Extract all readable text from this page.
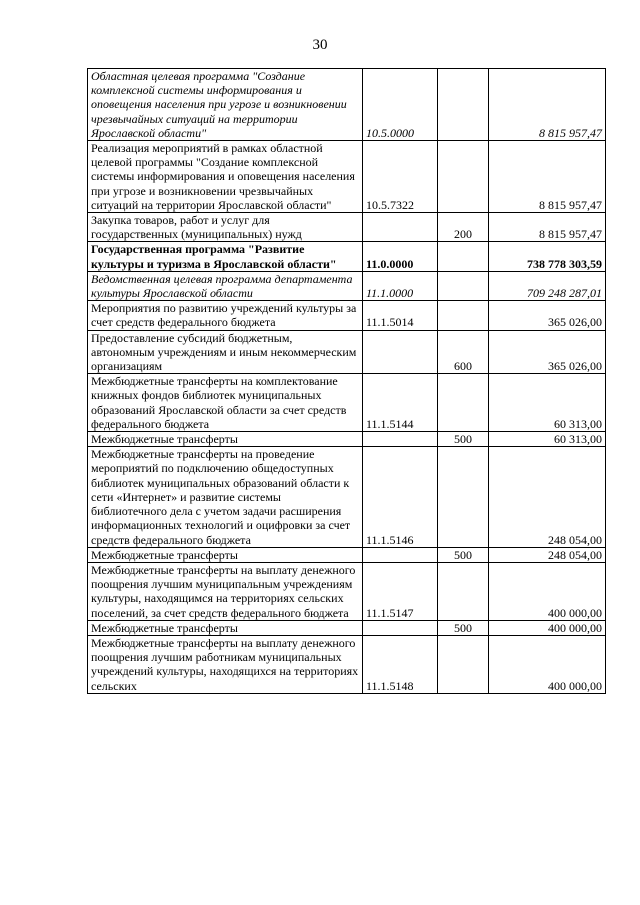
30
Областная целевая программа "Создание комплексной системы информирования и оповещения населения при угрозе и возникновении чрезвычайных ситуаций на территории Ярославской области"	10.5.0000		8 815 957,47
Реализация мероприятий в рамках областной целевой программы "Создание комплексной системы информирования и оповещения населения при угрозе и возникновении чрезвычайных ситуаций на территории Ярославской области"	10.5.7322		8 815 957,47
Закупка товаров, работ и услуг для государственных (муниципальных) нужд		200	8 815 957,47
Государственная программа "Развитие культуры и туризма в Ярославской области"	11.0.0000		738 778 303,59
Ведомственная целевая программа департамента культуры Ярославской области	11.1.0000		709 248 287,01
Мероприятия по развитию учреждений культуры за счет средств федерального бюджета	11.1.5014		365 026,00
Предоставление субсидий бюджетным, автономным учреждениям и иным некоммерческим организациям		600	365 026,00
Межбюджетные трансферты на комплектование книжных фондов библиотек муниципальных образований Ярославской области за счет средств федерального бюджета	11.1.5144		60 313,00
Межбюджетные трансферты		500	60 313,00
Межбюджетные трансферты на проведение мероприятий по подключению общедоступных библиотек муниципальных образований области к сети «Интернет» и развитие системы библиотечного дела с учетом задачи расширения информационных технологий и оцифровки за счет средств федерального бюджета	11.1.5146		248 054,00
Межбюджетные трансферты		500	248 054,00
Межбюджетные трансферты на выплату денежного поощрения лучшим муниципальным учреждениям культуры, находящимся на территориях сельских поселений, за счет средств федерального бюджета	11.1.5147		400 000,00
Межбюджетные трансферты		500	400 000,00
Межбюджетные трансферты на выплату денежного поощрения лучшим работникам муниципальных учреждений культуры, находящихся на территориях сельских	11.1.5148		400 000,00
